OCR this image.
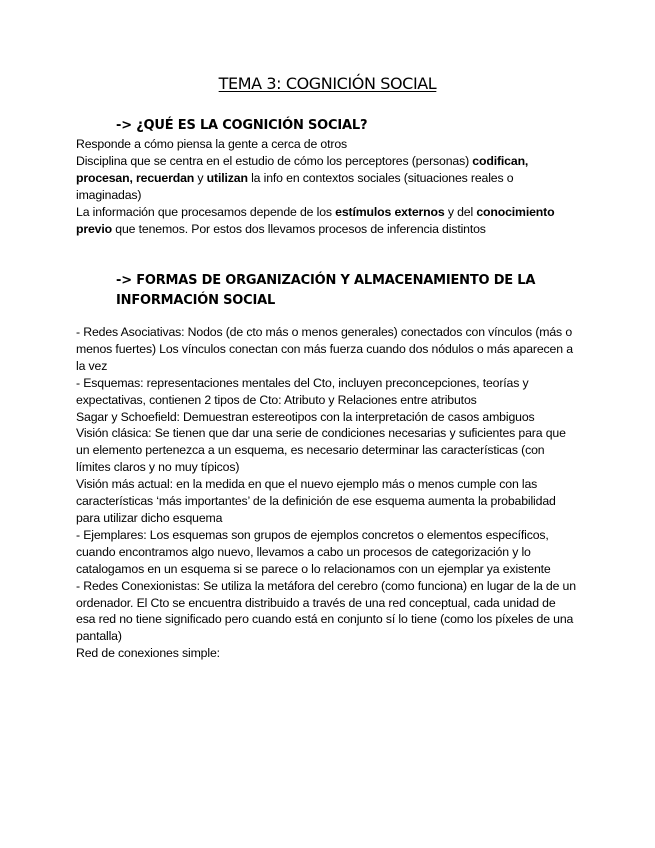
TEMA 3: COGNICIÓN SOCIAL
-> ¿QUÉ ES LA COGNICIÓN SOCIAL?

Responde a cómo piensa la gente a cerca de otros

Disciplina que se centra en el estudio de cómo los perceptores (personas) codifican, procesan, recuerdan y utilizan la info en contextos sociales (situaciones reales o imaginadas)

La información que procesamos depende de los estímulos externos y del conocimiento previo que tenemos. Por estos dos llevamos procesos de inferencia distintos

-> FORMAS DE ORGANIZACIÓN Y ALMACENAMIENTO DE LA INFORMACIÓN SOCIAL

- Redes Asociativas: Nodos (de cto más o menos generales) conectados con vínculos (más o menos fuertes) Los vínculos conectan con más fuerza cuando dos nódulos o más aparecen a la vez

- Esquemas: representaciones mentales del Cto, incluyen preconcepciones, teorías y expectativas, contienen 2 tipos de Cto: Atributo y Relaciones entre atributos

Sagar y Schoefield: Demuestran estereotipos con la interpretación de casos ambiguos

Visión clásica: Se tienen que dar una serie de condiciones necesarias y suficientes para que un elemento pertenezca a un esquema, es necesario determinar las características (con límites claros y no muy típicos)

Visión más actual: en la medida en que el nuevo ejemplo más o menos cumple con las características ‘más importantes’ de la definición de ese esquema aumenta la probabilidad para utilizar dicho esquema

- Ejemplares: Los esquemas son grupos de ejemplos concretos o elementos específicos, cuando encontramos algo nuevo, llevamos a cabo un procesos de categorización y lo catalogamos en un esquema si se parece o lo relacionamos con un ejemplar ya existente

- Redes Conexionistas: Se utiliza la metáfora del cerebro (como funciona) en lugar de la de un ordenador. El Cto se encuentra distribuido a través de una red conceptual, cada unidad de esa red no tiene significado pero cuando está en conjunto sí lo tiene (como los píxeles de una pantalla)

Red de conexiones simple:
